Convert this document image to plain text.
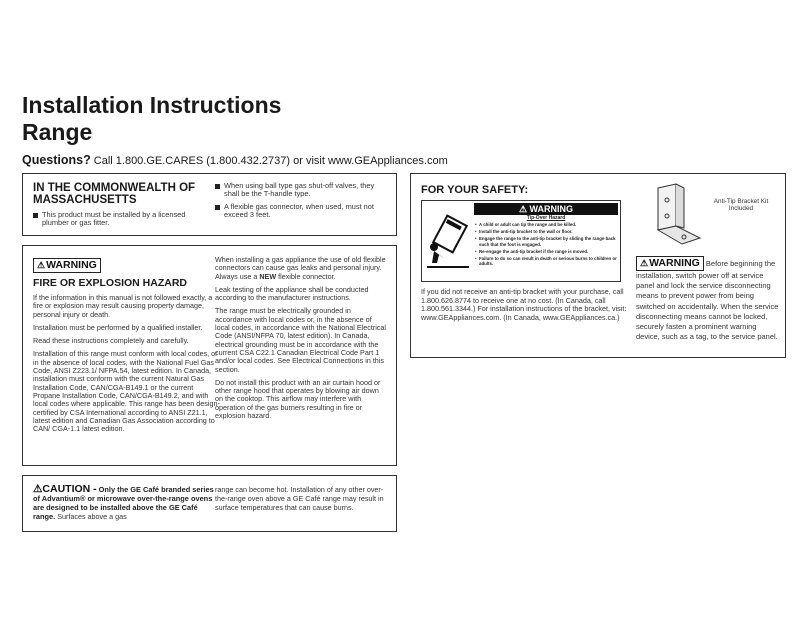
Installation Instructions
Range
Questions? Call 1.800.GE.CARES (1.800.432.2737) or visit www.GEAppliances.com
IN THE COMMONWEALTH OF MASSACHUSETTS
This product must be installed by a licensed plumber or gas fitter.
When using ball type gas shut-off valves, they shall be the T-handle type.
A flexible gas connector, when used, must not exceed 3 feet.
⚠WARNING
FIRE OR EXPLOSION HAZARD

If the information in this manual is not followed exactly, a fire or explosion may result causing property damage, personal injury or death.

Installation must be performed by a qualified installer.

Read these instructions completely and carefully.

Installation of this range must conform with local codes, or in the absence of local codes, with the National Fuel Gas Code, ANSI Z223.1/ NFPA.54, latest edition. In Canada, installation must conform with the current Natural Gas Installation Code, CAN/CGA-B149.1 or the current Propane Installation Code, CAN/CGA-B149.2, and with local codes where applicable. This range has been design-certified by CSA International according to ANSI Z21.1, latest edition and Canadian Gas Association according to CAN/ CGA-1.1 latest edition.

When installing a gas appliance the use of old flexible connectors can cause gas leaks and personal injury. Always use a NEW flexible connector.

Leak testing of the appliance shall be conducted according to the manufacturer instructions.

The range must be electrically grounded in accordance with local codes or, in the absence of local codes, in accordance with the National Electrical Code (ANSI/NFPA 70, latest edition). In Canada, electrical grounding must be in accordance with the current CSA C22.1 Canadian Electrical Code Part 1 and/or local codes. See Electrical Connections in this section.

Do not install this product with an air curtain hood or other range hood that operates by blowing air down on the cooktop. This airflow may interfere with operation of the gas burners resulting in fire or explosion hazard.

⚠CAUTION - Only the GE Café branded series of Advantium® or microwave over-the-range ovens are designed to be installed above the GE Café range. Surfaces above a gas
range can become hot. Installation of any other over-the-range oven above a GE Café range may result in surface temperatures that can cause burns.
FOR YOUR SAFETY:
⚠ WARNING
Tip-Over Hazard
• A child or adult can tip the range and be killed.
• Install the anti-tip bracket to the wall or floor.
• Engage the range to the anti-tip bracket by sliding the range back such that the foot is engaged.
• Re-engage the anti-tip bracket if the range is moved.
• Failure to do so can result in death or serious burns to children or adults.
Anti-Tip Bracket Kit Included
If you did not receive an anti-tip bracket with your purchase, call 1.800.626.8774 to receive one at no cost. (In Canada, call 1.800.561.3344.) For installation instructions of the bracket, visit: www.GEAppliances.com. (In Canada, www.GEAppliances.ca.)
⚠WARNING Before beginning the installation, switch power off at service panel and lock the service disconnecting means to prevent power from being switched on accidentally. When the service disconnecting means cannot be locked, securely fasten a prominent warning device, such as a tag, to the service panel.
